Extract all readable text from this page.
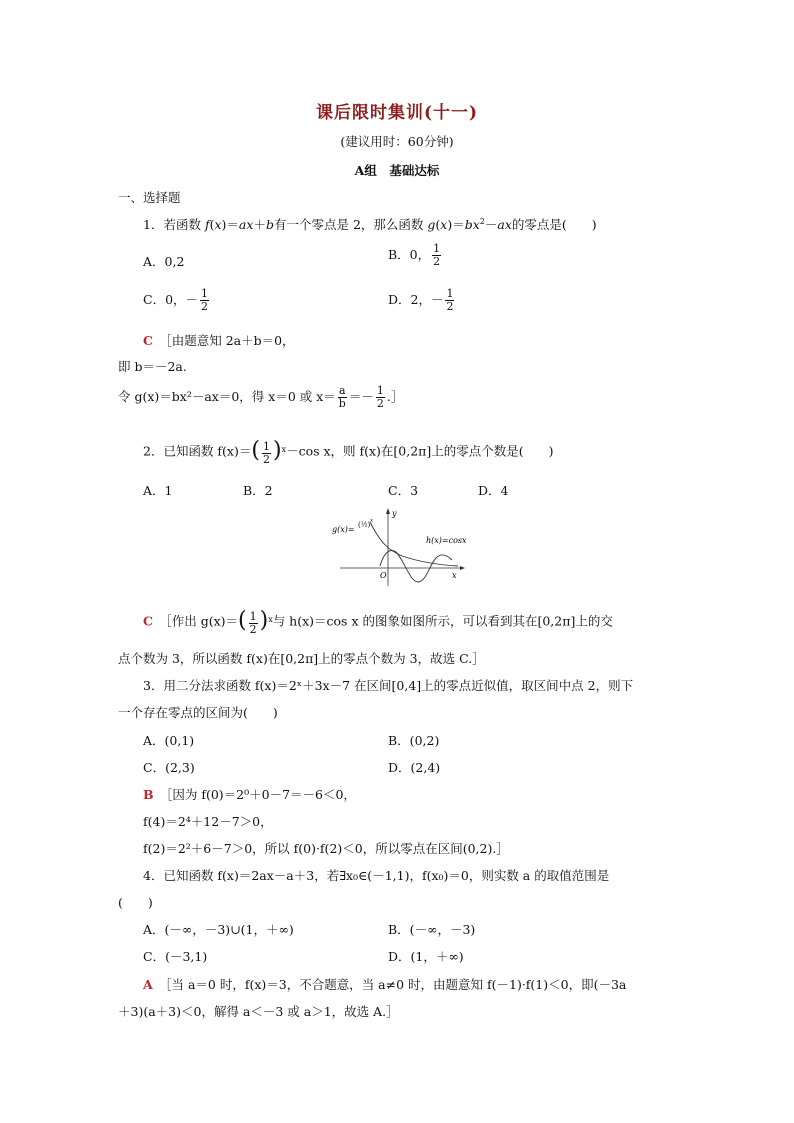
课后限时集训(十一)
(建议用时：60分钟)
A组　基础达标
一、选择题
1．若函数 f(x)＝ax＋b有一个零点是 2，那么函数 $g(x)=bx^2-ax$的零点是(　　)
A．0,2	B．0， $\frac{1}{2}$
C．0，－ $\frac{1}{2}$	D．2，－ $\frac{1}{2}$
C　 ［由题意知 2a＋b＝0，
即 b＝－2a.
令 g(x)＝bx²－ax＝0，得 x＝0 或 $x= \frac{a}{b} =- \frac{1}{2}$ .］
2．已知函数 $f(x)=( \frac{1}{2} )^x-\cos$ x，则 f(x)在[0,2π]上的零点个数是(　　)
A．1	B．2	C．3	D．4
g(x)= (½) x
h(x)=cosx
O	x
y
C　 ［作出 $g(x)=( \frac{1}{2} )^x$与 h(x)＝cos x 的图象如图所示，可以看到其在[0,2π]上的交
点个数为 3，所以函数 f(x)在[0,2π]上的零点个数为 3，故选 C.］
3．用二分法求函数 f(x)＝2ˣ＋3x－7 在区间[0,4]上的零点近似值，取区间中点 2，则下
一个存在零点的区间为(　　)
A．(0,1)	B．(0,2)
C．(2,3)	D．(2,4)
B　 ［因为 f(0)＝2⁰＋0－7＝－6＜0，
f(4)＝2⁴＋12－7＞0，
f(2)＝2²＋6－7＞0，所以 f(0)·f(2)＜0，所以零点在区间(0,2).］
4．已知函数 f(x)＝2ax－a＋3，若∃x₀∈(－1,1)，f(x₀)＝0，则实数 a 的取值范围是
(　　)
A．(－∞，－3)∪(1，＋∞)	B．(－∞，－3)
C．(－3,1)	D．(1，＋∞)
A　 ［当 a＝0 时，f(x)＝3，不合题意，当 a≠0 时，由题意知 f(－1)·f(1)＜0，即(－3a
＋3)(a＋3)＜0，解得 a＜－3 或 a＞1，故选 A.］
